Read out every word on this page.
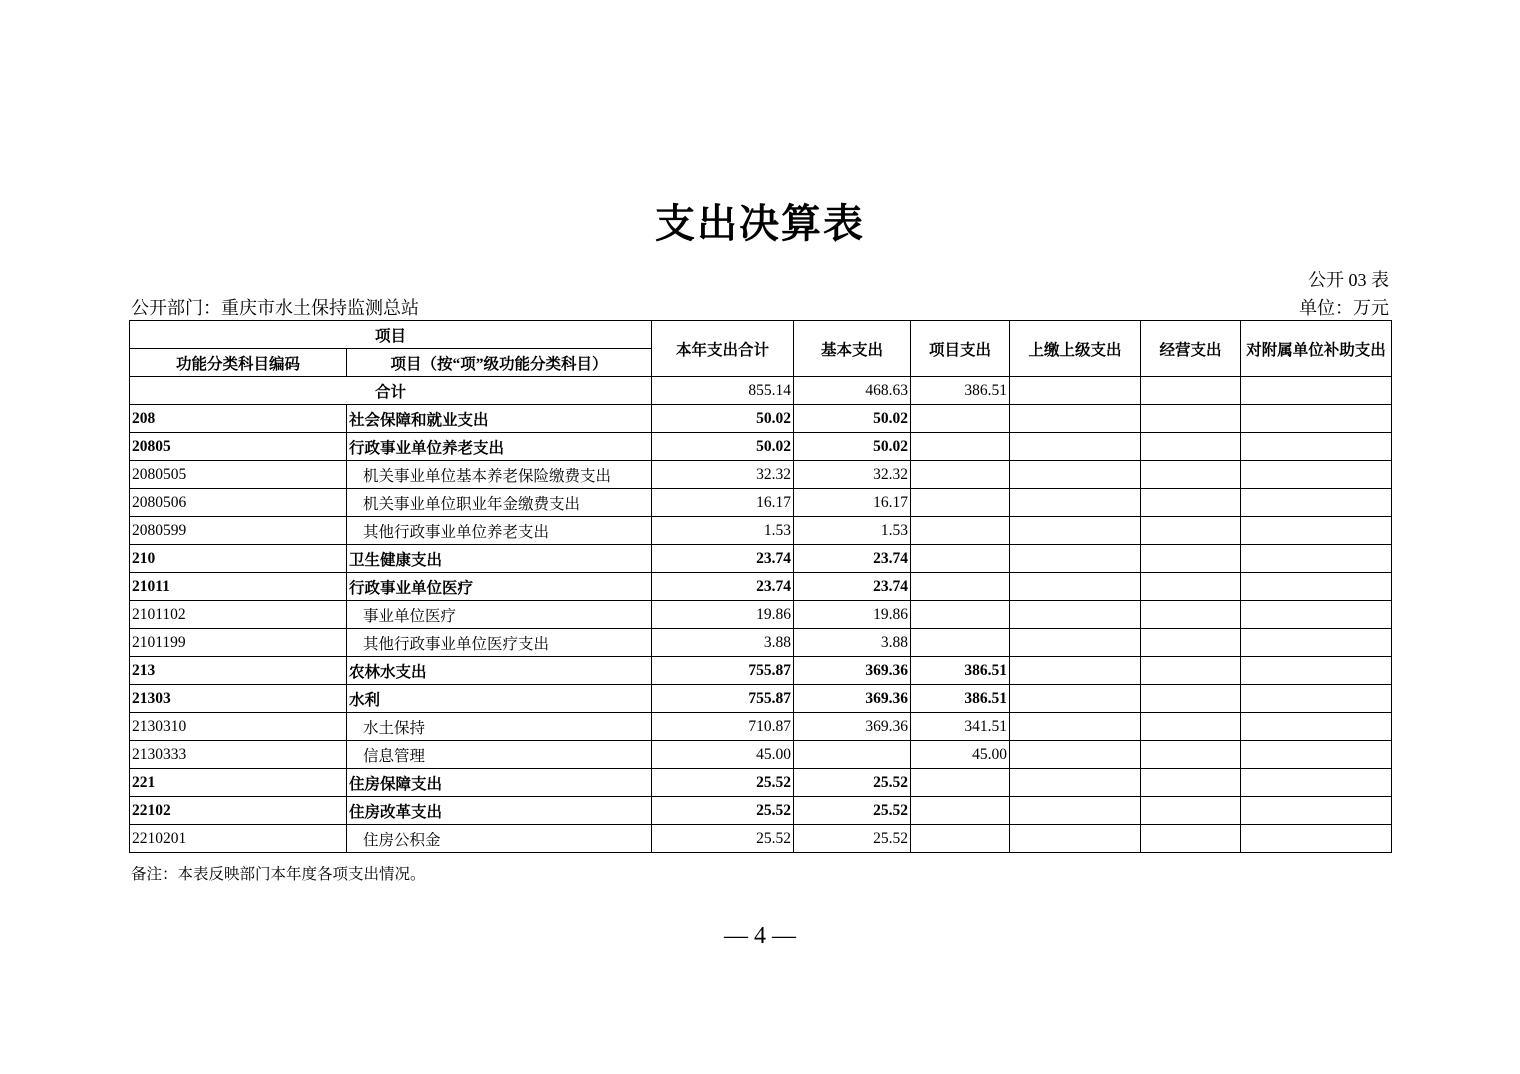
支出决算表
公开 03 表
公开部门：重庆市水土保持监测总站	单位：万元
项目		本年支出合计	基本支出	项目支出	上缴上级支出	经营支出	对附属单位补助支出
功能分类科目编码	项目（按“项”级功能分类科目）						
合计		855.14	468.63	386.51			
208	社会保障和就业支出	50.02	50.02				
20805	行政事业单位养老支出	50.02	50.02				
2080505	机关事业单位基本养老保险缴费支出	32.32	32.32				
2080506	机关事业单位职业年金缴费支出	16.17	16.17				
2080599	其他行政事业单位养老支出	1.53	1.53				
210	卫生健康支出	23.74	23.74				
21011	行政事业单位医疗	23.74	23.74				
2101102	事业单位医疗	19.86	19.86				
2101199	其他行政事业单位医疗支出	3.88	3.88				
213	农林水支出	755.87	369.36	386.51			
21303	水利	755.87	369.36	386.51			
2130310	水土保持	710.87	369.36	341.51			
2130333	信息管理	45.00		45.00			
221	住房保障支出	25.52	25.52				
22102	住房改革支出	25.52	25.52				
2210201	住房公积金	25.52	25.52				
备注：本表反映部门本年度各项支出情况。
— 4 —
